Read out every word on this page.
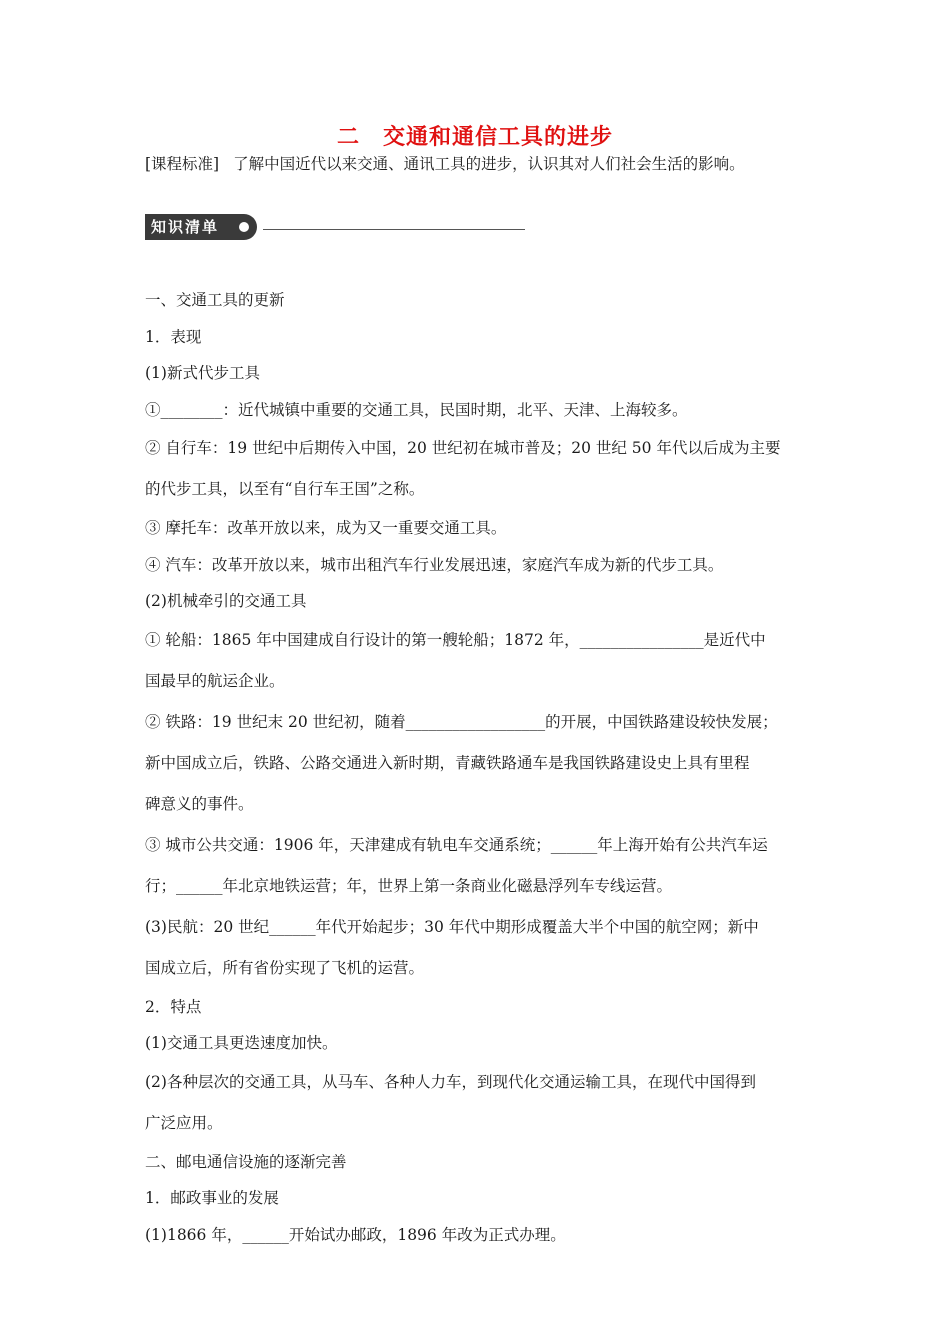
二　交通和通信工具的进步
[课程标准] 了解中国近代以来交通、通讯工具的进步，认识其对人们社会生活的影响。
知识清单
一、交通工具的更新
1．表现
(1)新式代步工具
①________：近代城镇中重要的交通工具，民国时期，北平、天津、上海较多。
② 自行车：19 世纪中后期传入中国，20 世纪初在城市普及；20 世纪 50 年代以后成为主要
的代步工具，以至有“自行车王国”之称。
③ 摩托车：改革开放以来，成为又一重要交通工具。
④ 汽车：改革开放以来，城市出租汽车行业发展迅速，家庭汽车成为新的代步工具。
(2)机械牵引的交通工具
① 轮船：1865 年中国建成自行设计的第一艘轮船；1872 年，________________是近代中
国最早的航运企业。
② 铁路：19 世纪末 20 世纪初，随着__________________的开展，中国铁路建设较快发展；
新中国成立后，铁路、公路交通进入新时期，青藏铁路通车是我国铁路建设史上具有里程
碑意义的事件。
③ 城市公共交通：1906 年，天津建成有轨电车交通系统；______年上海开始有公共汽车运
行；______年北京地铁运营；年，世界上第一条商业化磁悬浮列车专线运营。
(3)民航：20 世纪______年代开始起步；30 年代中期形成覆盖大半个中国的航空网；新中
国成立后，所有省份实现了飞机的运营。
2．特点
(1)交通工具更迭速度加快。
(2)各种层次的交通工具，从马车、各种人力车，到现代化交通运输工具，在现代中国得到
广泛应用。
二、邮电通信设施的逐渐完善
1．邮政事业的发展
(1)1866 年，______开始试办邮政，1896 年改为正式办理。
